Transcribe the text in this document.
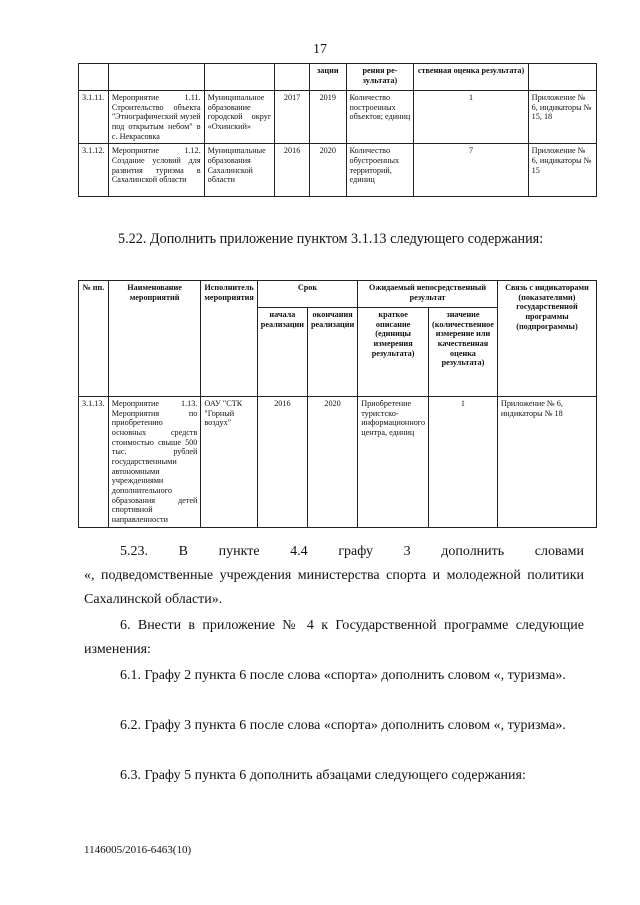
17
				зации	рения ре- зультата)	ственная оценка результата)	
3.1.11.	Мероприятие 1.11. Строительство объекта "Этнографический музей под открытым небом" в с. Некрасовка	Муниципальное образование городской округ «Охинский»	2017	2019	Количество построенных объектов; единиц	1	Приложение № 6, индикаторы № 15, 18
3.1.12.	Мероприятие 1.12. Создание условий для развития туризма в Сахалинской области	Муниципальные образования Сахалинской области	2016	2020	Количество обустроенных территорий, единиц	7	Приложение № 6, индикаторы № 15
5.22. Дополнить приложение пунктом 3.1.13 следующего содержания:
№ пп.	Наименование мероприятий	Исполнитель мероприятия	Срок		Ожидаемый непосредственный результат		Связь с индикаторами (показателями) государственной программы (подпрограммы)
			начала реализации	окончания реализации	краткое описание (единицы измерения результата)	значение (количественное измерение или качественная оценка результата)	
3.1.13.	Мероприятие 1.13. Мероприятия по приобретению основных средств стоимостью свыше 500 тыс. рублей государственными автономными учреждениями дополнительного образования детей спортивной направленности	ОАУ "СТК "Горный воздух"	2016	2020	Приобретение туристско-информационного центра, единиц	1	Приложение № 6, индикаторы № 18
5.23. В пункте 4.4 графу 3 дополнить словами
«, подведомственные учреждения министерства спорта и молодежной политики Сахалинской области».
6. Внести в приложение № 4 к Государственной программе следующие изменения:
6.1. Графу 2 пункта 6 после слова «спорта» дополнить словом «, туризма».
6.2. Графу 3 пункта 6 после слова «спорта» дополнить словом «, туризма».
6.3. Графу 5 пункта 6 дополнить абзацами следующего содержания:
1146005/2016-6463(10)
